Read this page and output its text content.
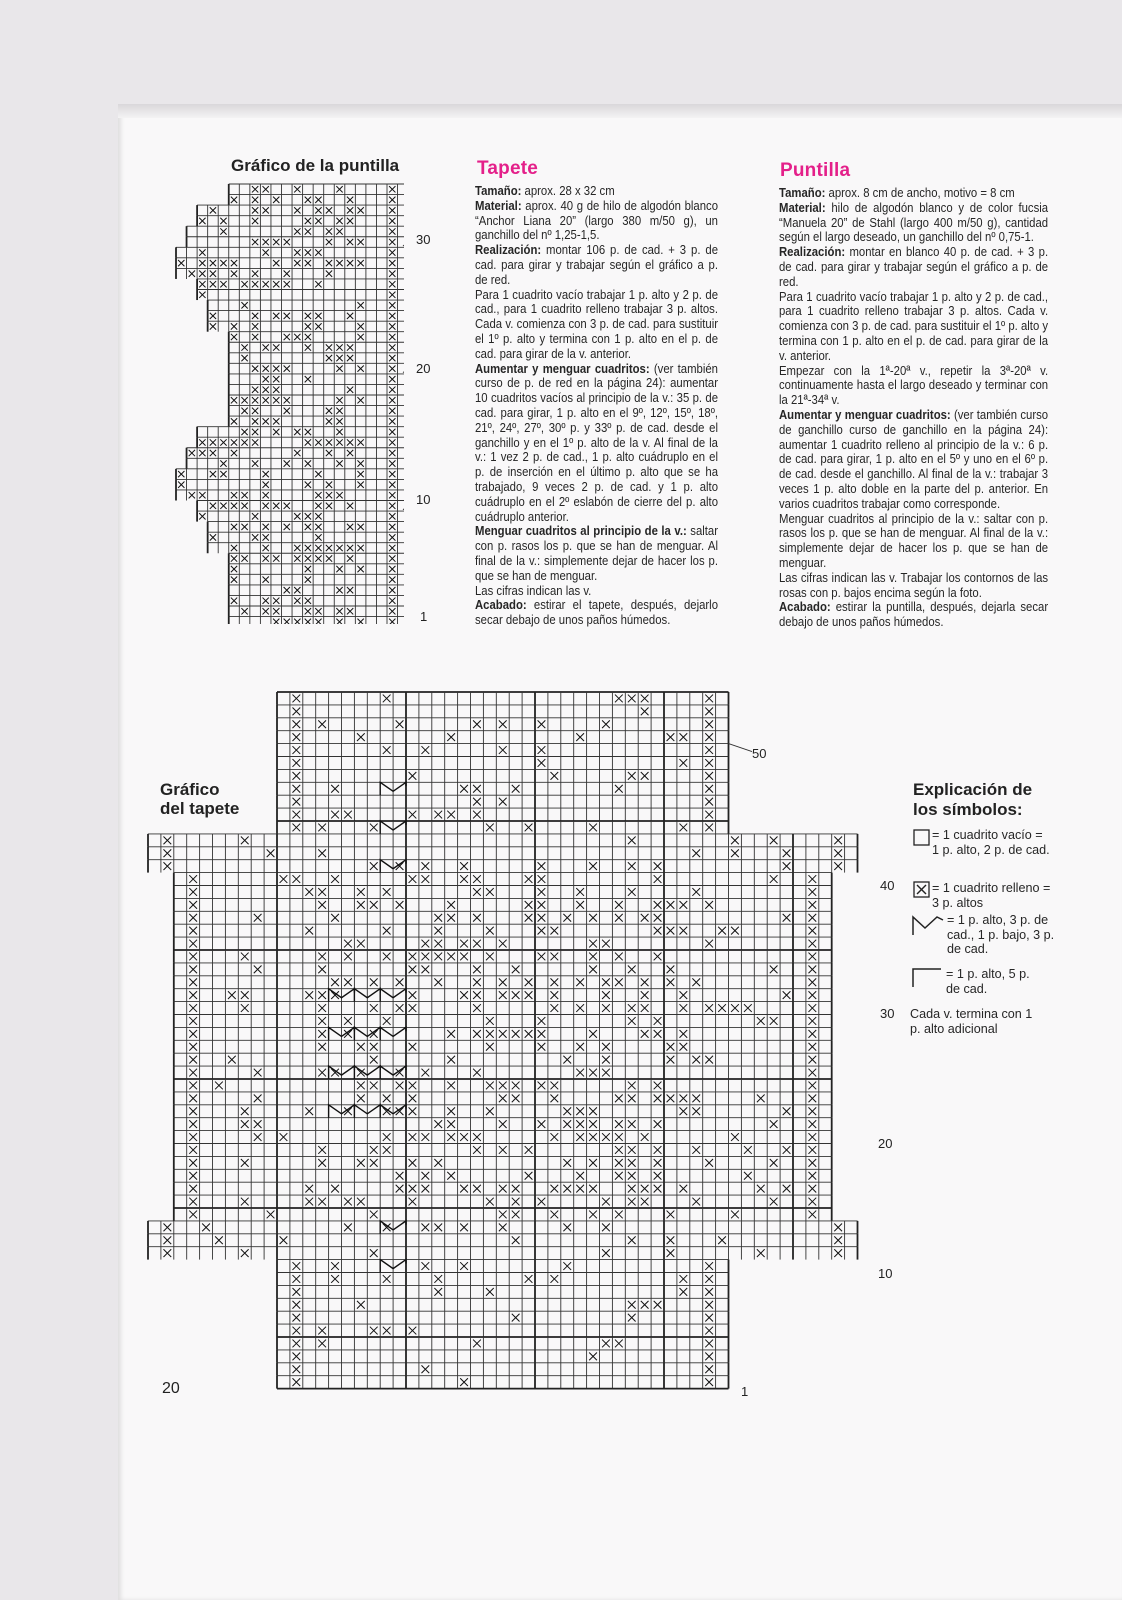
Gráfico de la puntilla
30
20
10
1
Tapete

Tamaño: aprox. 28 x 32 cm

Material: aprox. 40 g de hilo de algodón blanco “Anchor Liana 20” (largo 380 m/50 g), un ganchillo del nº 1,25-1,5.

Realización: montar 106 p. de cad. + 3 p. de cad. para girar y trabajar según el gráfico a p. de red.

Para 1 cuadrito vacío trabajar 1 p. alto y 2 p. de cad., para 1 cuadrito relleno trabajar 3 p. altos. Cada v. comienza con 3 p. de cad. para sustituir el 1º p. alto y termina con 1 p. alto en el p. de cad. para girar de la v. anterior.

Aumentar y menguar cuadritos: (ver también curso de p. de red en la página 24): aumentar 10 cuadritos vacíos al principio de la v.: 35 p. de cad. para girar, 1 p. alto en el 9º, 12º, 15º, 18º, 21º, 24º, 27º, 30º p. y 33º p. de cad. desde el ganchillo y en el 1º p. alto de la v. Al final de la v.: 1 vez 2 p. de cad., 1 p. alto cuádruplo en el p. de inserción en el último p. alto que se ha trabajado, 9 veces 2 p. de cad. y 1 p. alto cuádruplo en el 2º eslabón de cierre del p. alto cuádruplo anterior.

Menguar cuadritos al principio de la v.: saltar con p. rasos los p. que se han de menguar. Al final de la v.: simplemente dejar de hacer los p. que se han de menguar.

Las cifras indican las v.

Acabado: estirar el tapete, después, dejarlo secar debajo de unos paños húmedos.

Puntilla

Tamaño: aprox. 8 cm de ancho, motivo = 8 cm

Material: hilo de algodón blanco y de color fucsia “Manuela 20” de Stahl (largo 400 m/50 g), cantidad según el largo deseado, un ganchillo del nº 0,75-1.

Realización: montar en blanco 40 p. de cad. + 3 p. de cad. para girar y trabajar según el gráfico a p. de red.

Para 1 cuadrito vacío trabajar 1 p. alto y 2 p. de cad., para 1 cuadrito relleno trabajar 3 p. altos. Cada v. comienza con 3 p. de cad. para sustituir el 1º p. alto y termina con 1 p. alto en el p. de cad. para girar de la v. anterior.

Empezar con la 1ª-20ª v., repetir la 3ª-20ª v. continuamente hasta el largo deseado y terminar con la 21ª-34ª v.

Aumentar y menguar cuadritos: (ver también curso de ganchillo curso de ganchillo en la página 24): aumentar 1 cuadrito relleno al principio de la v.: 6 p. de cad. para girar, 1 p. alto en el 5º y uno en el 6º p. de cad. desde el ganchillo. Al final de la v.: trabajar 3 veces 1 p. alto doble en la parte del p. anterior. En varios cuadritos trabajar como corresponde.

Menguar cuadritos al principio de la v.: saltar con p. rasos los p. que se han de menguar. Al final de la v.: simplemente dejar de hacer los p. que se han de menguar.

Las cifras indican las v. Trabajar los contornos de las rosas con p. bajos encima según la foto.

Acabado: estirar la puntilla, después, dejarla secar debajo de unos paños húmedos.

Gráfico
del tapete
50
40
30
20
10
1
Explicación de
los símbolos:
= 1 cuadrito vacío = 1 p. alto, 2 p. de cad.
= 1 cuadrito relleno = 3 p. altos
= 1 p. alto, 3 p. de cad., 1 p. bajo, 3 p. de cad.
= 1 p. alto, 5 p. de cad.
Cada v. termina con 1 p. alto adicional
20
